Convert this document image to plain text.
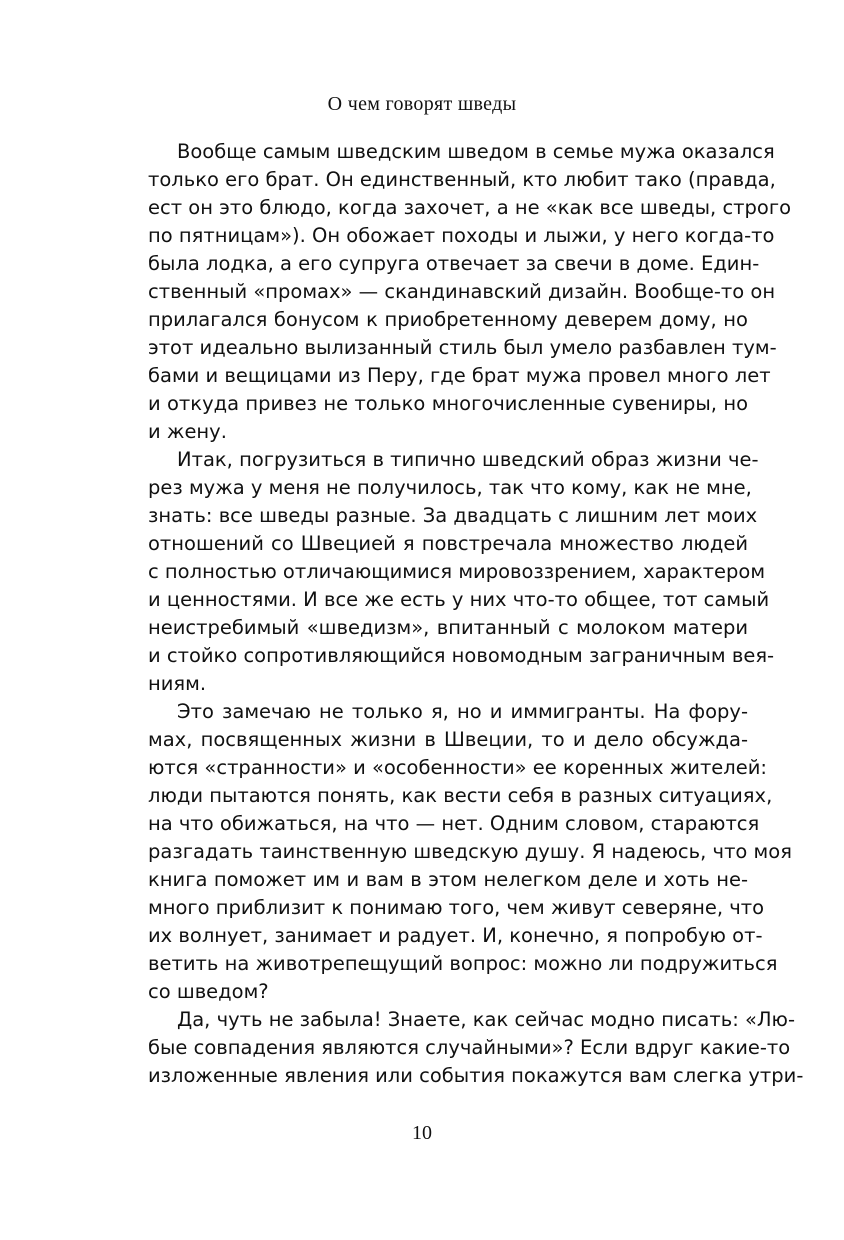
О чем говорят шведы
Вообще самым шведским шведом в семье мужа оказался
только его брат. Он единственный, кто любит тако (правда,
ест он это блюдо, когда захочет, а не «как все шведы, строго
по пятницам»). Он обожает походы и лыжи, у него когда-то
была лодка, а его супруга отвечает за свечи в доме. Един-
ственный «промах» — скандинавский дизайн. Вообще-то он
прилагался бонусом к приобретенному деверем дому, но
этот идеально вылизанный стиль был умело разбавлен тум-
бами и вещицами из Перу, где брат мужа провел много лет
и откуда привез не только многочисленные сувениры, но
и жену.
Итак, погрузиться в типично шведский образ жизни че-
рез мужа у меня не получилось, так что кому, как не мне,
знать: все шведы разные. За двадцать с лишним лет моих
отношений со Швецией я повстречала множество людей
с полностью отличающимися мировоззрением, характером
и ценностями. И все же есть у них что-то общее, тот самый
неистребимый «шведизм», впитанный с молоком матери
и стойко сопротивляющийся новомодным заграничным вея-
ниям.
Это замечаю не только я, но и иммигранты. На фору-
мах, посвященных жизни в Швеции, то и дело обсужда-
ются «странности» и «особенности» ее коренных жителей:
люди пытаются понять, как вести себя в разных ситуациях,
на что обижаться, на что — нет. Одним словом, стараются
разгадать таинственную шведскую душу. Я надеюсь, что моя
книга поможет им и вам в этом нелегком деле и хоть не-
много приблизит к понимаю того, чем живут северяне, что
их волнует, занимает и радует. И, конечно, я попробую от-
ветить на животрепещущий вопрос: можно ли подружиться
со шведом?
Да, чуть не забыла! Знаете, как сейчас модно писать: «Лю-
бые совпадения являются случайными»? Если вдруг какие-то
изложенные явления или события покажутся вам слегка утри-
10
